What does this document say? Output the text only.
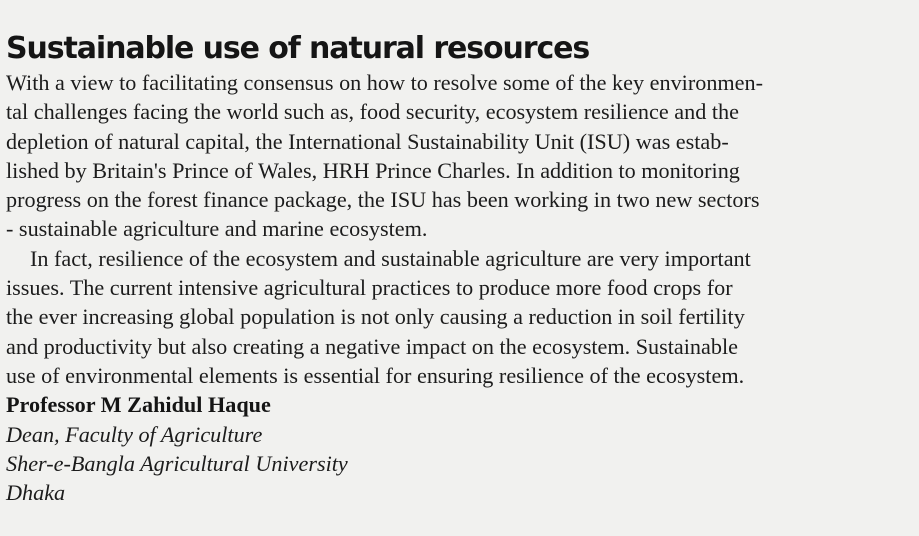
Sustainable use of natural resources
With a view to facilitating consensus on how to resolve some of the key environmen-
tal challenges facing the world such as, food security, ecosystem resilience and the
depletion of natural capital, the International Sustainability Unit (ISU) was estab-
lished by Britain's Prince of Wales, HRH Prince Charles. In addition to monitoring
progress on the forest finance package, the ISU has been working in two new sectors
- sustainable agriculture and marine ecosystem.
In fact, resilience of the ecosystem and sustainable agriculture are very important
issues. The current intensive agricultural practices to produce more food crops for
the ever increasing global population is not only causing a reduction in soil fertility
and productivity but also creating a negative impact on the ecosystem. Sustainable
use of environmental elements is essential for ensuring resilience of the ecosystem.
Professor M Zahidul Haque
Dean, Faculty of Agriculture
Sher-e-Bangla Agricultural University
Dhaka
